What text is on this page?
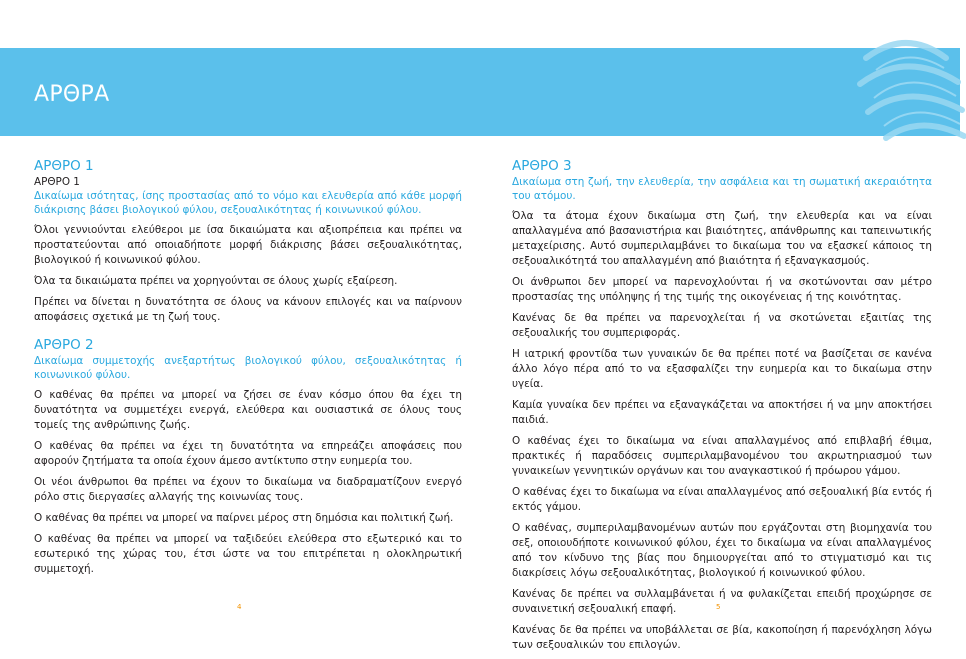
ΑΡΘΡΑ
ΑΡΘΡΟ 1
ΑΡΘΡΟ 1
Δικαίωμα ισότητας, ίσης προστασίας από το νόμο και ελευθερία από κάθε μορφή διάκρισης βάσει βιολογικού φύλου, σεξουαλικότητας ή κοινωνικού φύλου.
Όλοι γεννιούνται ελεύθεροι με ίσα δικαιώματα και αξιοπρέπεια και πρέπει να προστατεύονται από οποιαδήποτε μορφή διάκρισης βάσει σεξουαλικότητας, βιολογικού ή κοινωνικού φύλου.
Όλα τα δικαιώματα πρέπει να χορηγούνται σε όλους χωρίς εξαίρεση.
Πρέπει να δίνεται η δυνατότητα σε όλους να κάνουν επιλογές και να παίρνουν αποφάσεις σχετικά με τη ζωή τους.
ΑΡΘΡΟ 2
Δικαίωμα συμμετοχής ανεξαρτήτως βιολογικού φύλου, σεξουαλικότητας ή κοινωνικού φύλου.
Ο καθένας θα πρέπει να μπορεί να ζήσει σε έναν κόσμο όπου θα έχει τη δυνατότητα να συμμετέχει ενεργά, ελεύθερα και ουσιαστικά σε όλους τους τομείς της ανθρώπινης ζωής.
Ο καθένας θα πρέπει να έχει τη δυνατότητα να επηρεάζει αποφάσεις που αφορούν ζητήματα τα οποία έχουν άμεσο αντίκτυπο στην ευημερία του.
Οι νέοι άνθρωποι θα πρέπει να έχουν το δικαίωμα να διαδραματίζουν ενεργό ρόλο στις διεργασίες αλλαγής της κοινωνίας τους.
Ο καθένας θα πρέπει να μπορεί να παίρνει μέρος στη δημόσια και πολιτική ζωή.
Ο καθένας θα πρέπει να μπορεί να ταξιδεύει ελεύθερα στο εξωτερικό και το εσωτερικό της χώρας του, έτσι ώστε να του επιτρέπεται η ολοκληρωτική συμμετοχή.
ΑΡΘΡΟ 3
Δικαίωμα στη ζωή, την ελευθερία, την ασφάλεια και τη σωματική ακεραιότητα του ατόμου.
Όλα τα άτομα έχουν δικαίωμα στη ζωή, την ελευθερία και να είναι απαλλαγμένα από βασανιστήρια και βιαιότητες, απάνθρωπης και ταπεινωτικής μεταχείρισης. Αυτό συμπεριλαμβάνει το δικαίωμα του να εξασκεί κάποιος τη σεξουαλικότητά του απαλλαγμένη από βιαιότητα ή εξαναγκασμούς.
Οι άνθρωποι δεν μπορεί να παρενοχλούνται ή να σκοτώνονται σαν μέτρο προστασίας της υπόληψης ή της τιμής της οικογένειας ή της κοινότητας.
Κανένας δε θα πρέπει να παρενοχλείται ή να σκοτώνεται εξαιτίας της σεξουαλικής του συμπεριφοράς.
Η ιατρική φροντίδα των γυναικών δε θα πρέπει ποτέ να βασίζεται σε κανένα άλλο λόγο πέρα από το να εξασφαλίζει την ευημερία και το δικαίωμα στην υγεία.
Καμία γυναίκα δεν πρέπει να εξαναγκάζεται να αποκτήσει ή να μην αποκτήσει παιδιά.
Ο καθένας έχει το δικαίωμα να είναι απαλλαγμένος από επιβλαβή έθιμα, πρακτικές ή παραδόσεις συμπεριλαμβανομένου του ακρωτηριασμού των γυναικείων γεννητικών οργάνων και του αναγκαστικού ή πρόωρου γάμου.
Ο καθένας έχει το δικαίωμα να είναι απαλλαγμένος από σεξουαλική βία εντός ή εκτός γάμου.
Ο καθένας, συμπεριλαμβανομένων αυτών που εργάζονται στη βιομηχανία του σεξ, οποιουδήποτε κοινωνικού φύλου, έχει το δικαίωμα να είναι απαλλαγμένος από τον κίνδυνο της βίας που δημιουργείται από το στιγματισμό και τις διακρίσεις λόγω σεξουαλικότητας, βιολογικού ή κοινωνικού φύλου.
Κανένας δε πρέπει να συλλαμβάνεται ή να φυλακίζεται επειδή προχώρησε σε συναινετική σεξουαλική επαφή.
Κανένας δε θα πρέπει να υποβάλλεται σε βία, κακοποίηση ή παρενόχληση λόγω των σεξουαλικών του επιλογών.
4	5
